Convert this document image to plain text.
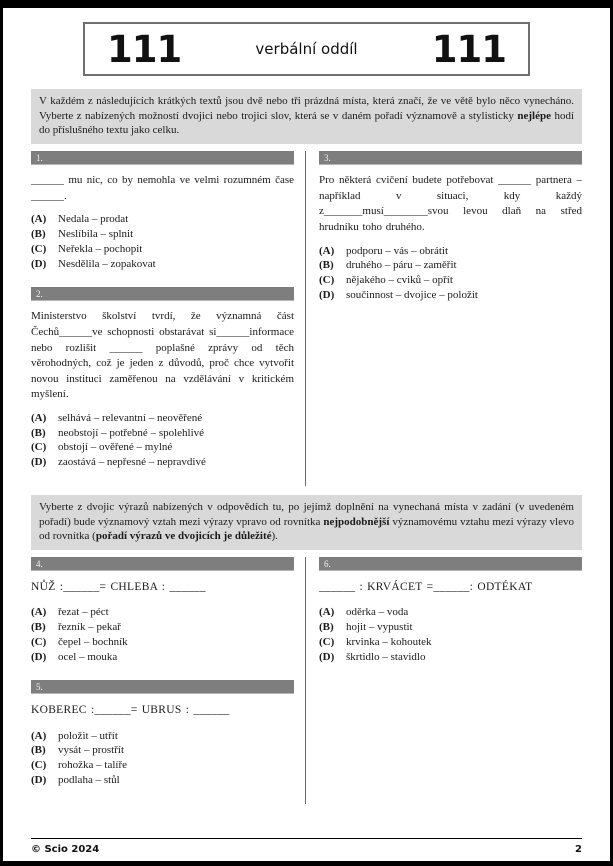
111	verbální oddíl 111
V každém z následujících krátkých textů jsou dvě nebo tři prázdná místa, která značí, že ve větě bylo něco vynecháno. Vyberte z nabízených možností dvojici nebo trojici slov, která se v daném pořadí významově a stylisticky nejlépe hodí do příslušného textu jako celku.
1.
______ mu nic, co by nemohla ve velmi rozumném čase ______.
(A)	Nedala – prodat
(B)	Neslíbila – splnit
(C)	Neřekla – pochopit
(D)	Nesdělila – zopakovat
2.
Ministerstvo školství tvrdí, že významná část Čechů______ve schopnosti obstarávat si______informace nebo rozlišit ______ poplašné zprávy od těch věrohodných, což je jeden z důvodů, proč chce vytvořit novou instituci zaměřenou na vzdělávání v kritickém myšlení.
(A)	selhává – relevantní – neověřené
(B)	neobstojí – potřebné – spolehlivé
(C)	obstojí – ověřené – mylné
(D)	zaostává – nepřesné – nepravdivé
3.
Pro některá cvičení budete potřebovat ______ partnera – například v situaci, kdy každý z_______musí________svou levou dlaň na střed hrudníku toho druhého.
(A)	podporu – vás – obrátit
(B)	druhého – páru – zaměřit
(C)	nějakého – cviků – opřít
(D)	součinnost – dvojice – položit
Vyberte z dvojic výrazů nabízených v odpovědích tu, po jejímž doplnění na vynechaná místa v zadání (v uvedeném pořadí) bude významový vztah mezi výrazy vpravo od rovnítka nejpodobnější významovému vztahu mezi výrazy vlevo od rovnítka (pořadí výrazů ve dvojicích je důležité).
4.
NŮŽ :______= CHLEBA : ______
(A)	řezat – péct
(B)	řezník – pekař
(C)	čepel – bochník
(D)	ocel – mouka
5.
KOBEREC :______= UBRUS : ______
(A)	položit – utřít
(B)	vysát – prostřít
(C)	rohožka – talíře
(D)	podlaha – stůl
6.
______ : KRVÁCET =______: ODTÉKAT
(A)	oděrka – voda
(B)	hojit – vypustit
(C)	krvinka – kohoutek
(D)	škrtidlo – stavidlo
© Scio 2024	2
